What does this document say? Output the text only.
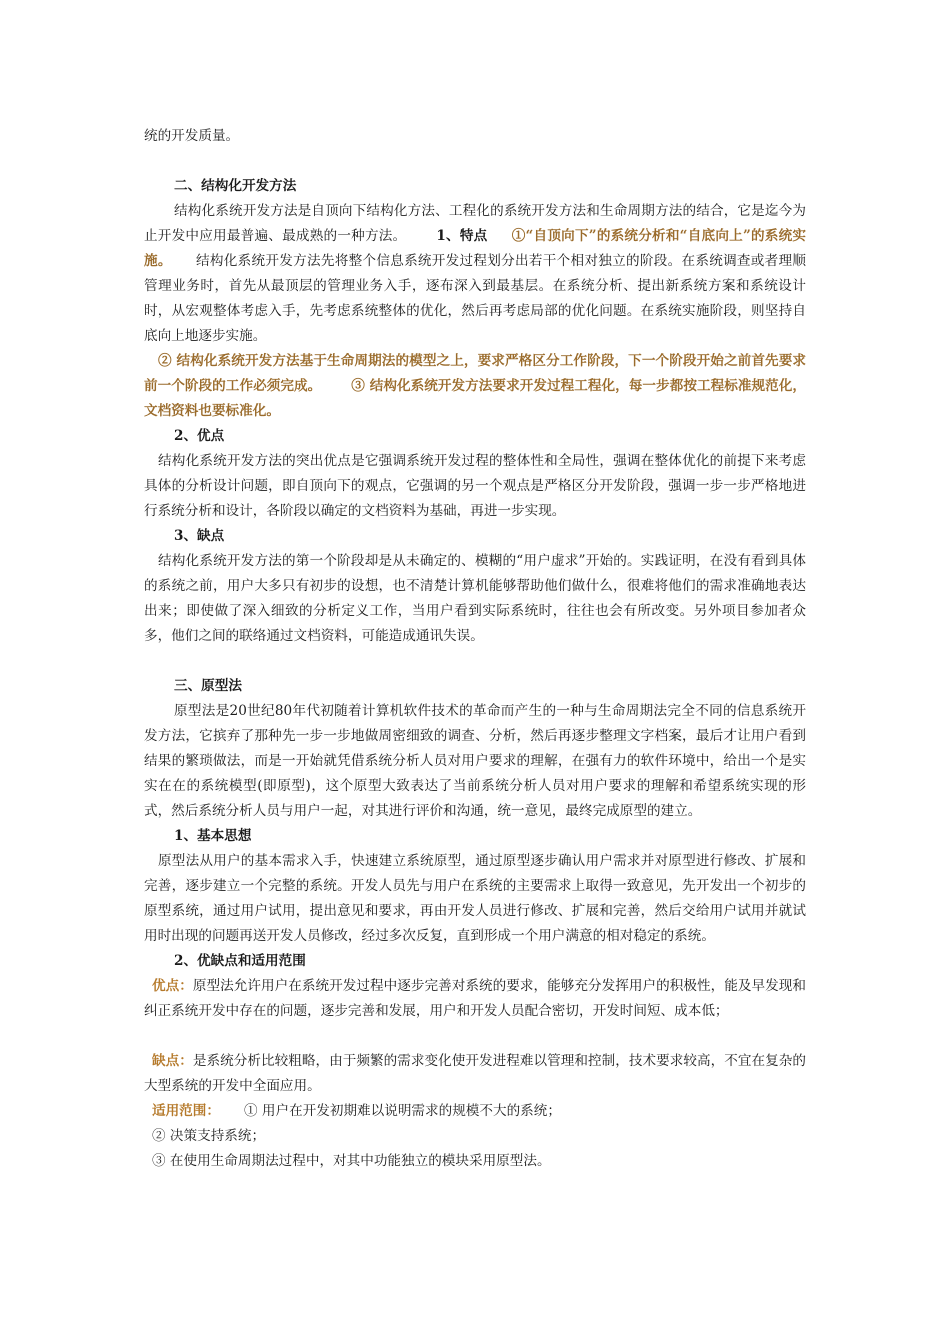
统的开发质量。

二、结构化开发方法

结构化系统开发方法是自顶向下结构化方法、工程化的系统开发方法和生命周期方法的结合，它是迄今为止开发中应用最普遍、最成熟的一种方法。 1、特点 ①“自顶向下”的系统分析和“自底向上”的系统实施。 结构化系统开发方法先将整个信息系统开发过程划分出若干个相对独立的阶段。在系统调查或者理顺管理业务时，首先从最顶层的管理业务入手，逐布深入到最基层。在系统分析、提出新系统方案和系统设计时，从宏观整体考虑入手，先考虑系统整体的优化，然后再考虑局部的优化问题。在系统实施阶段，则坚持自底向上地逐步实施。

② 结构化系统开发方法基于生命周期法的模型之上，要求严格区分工作阶段，下一个阶段开始之前首先要求前一个阶段的工作必须完成。 ③ 结构化系统开发方法要求开发过程工程化，每一步都按工程标准规范化，文档资料也要标准化。

2、优点

结构化系统开发方法的突出优点是它强调系统开发过程的整体性和全局性，强调在整体优化的前提下来考虑具体的分析设计问题，即自顶向下的观点，它强调的另一个观点是严格区分开发阶段，强调一步一步严格地进行系统分析和设计，各阶段以确定的文档资料为基础，再进一步实现。

3、缺点

结构化系统开发方法的第一个阶段却是从未确定的、模糊的“用户虚求”开始的。实践证明，在没有看到具体的系统之前，用户大多只有初步的设想，也不清楚计算机能够帮助他们做什么，很难将他们的需求准确地表达出来；即使做了深入细致的分析定义工作，当用户看到实际系统时，往往也会有所改变。另外项目参加者众多，他们之间的联络通过文档资料，可能造成通讯失误。

三、原型法

原型法是20世纪80年代初随着计算机软件技术的革命而产生的一种与生命周期法完全不同的信息系统开发方法，它摈弃了那种先一步一步地做周密细致的调查、分析，然后再逐步整理文字档案，最后才让用户看到结果的繁琐做法，而是一开始就凭借系统分析人员对用户要求的理解，在强有力的软件环境中，给出一个是实实在在的系统模型(即原型)，这个原型大致表达了当前系统分析人员对用户要求的理解和希望系统实现的形式，然后系统分析人员与用户一起，对其进行评价和沟通，统一意见，最终完成原型的建立。

1、基本思想

原型法从用户的基本需求入手，快速建立系统原型，通过原型逐步确认用户需求并对原型进行修改、扩展和完善，逐步建立一个完整的系统。开发人员先与用户在系统的主要需求上取得一致意见，先开发出一个初步的原型系统，通过用户试用，提出意见和要求，再由开发人员进行修改、扩展和完善，然后交给用户试用并就试用时出现的问题再送开发人员修改，经过多次反复，直到形成一个用户满意的相对稳定的系统。

2、优缺点和适用范围

优点：原型法允许用户在系统开发过程中逐步完善对系统的要求，能够充分发挥用户的积极性，能及早发现和纠正系统开发中存在的问题，逐步完善和发展，用户和开发人员配合密切，开发时间短、成本低；

缺点：是系统分析比较粗略，由于频繁的需求变化使开发进程难以管理和控制，技术要求较高，不宜在复杂的大型系统的开发中全面应用。

适用范围： ① 用户在开发初期难以说明需求的规模不大的系统；

② 决策支持系统；

③ 在使用生命周期法过程中，对其中功能独立的模块采用原型法。
